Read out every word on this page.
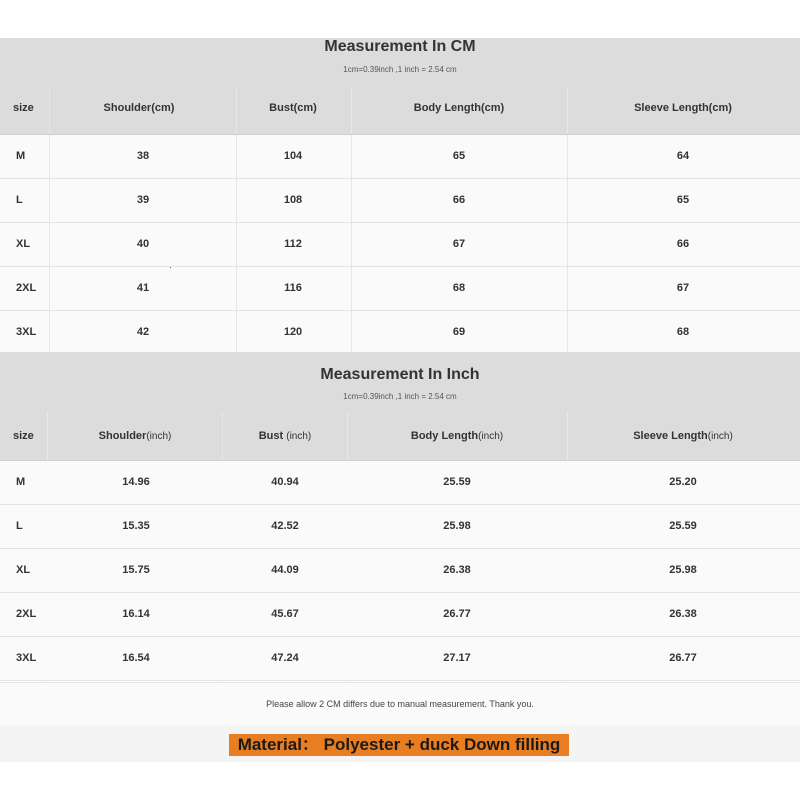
Measurement In CM
1cm=0.39inch ,1 inch = 2.54 cm
size	Shoulder(cm)	Bust(cm)	Body Length(cm)	Sleeve Length(cm)
M	38	104	65	64
L	39	108	66	65
XL	40	112	67	66
2XL	41	116	68	67
3XL	42	120	69	68
Measurement In Inch
1cm=0.39inch ,1 inch = 2.54 cm
size	Shoulder(inch)	Bust (inch)	Body Length(inch)	Sleeve Length(inch)
M	14.96	40.94	25.59	25.20
L	15.35	42.52	25.98	25.59
XL	15.75	44.09	26.38	25.98
2XL	16.14	45.67	26.77	26.38
3XL	16.54	47.24	27.17	26.77
Please allow 2 CM differs due to manual measurement. Thank you.
Material： Polyester + duck Down filling
